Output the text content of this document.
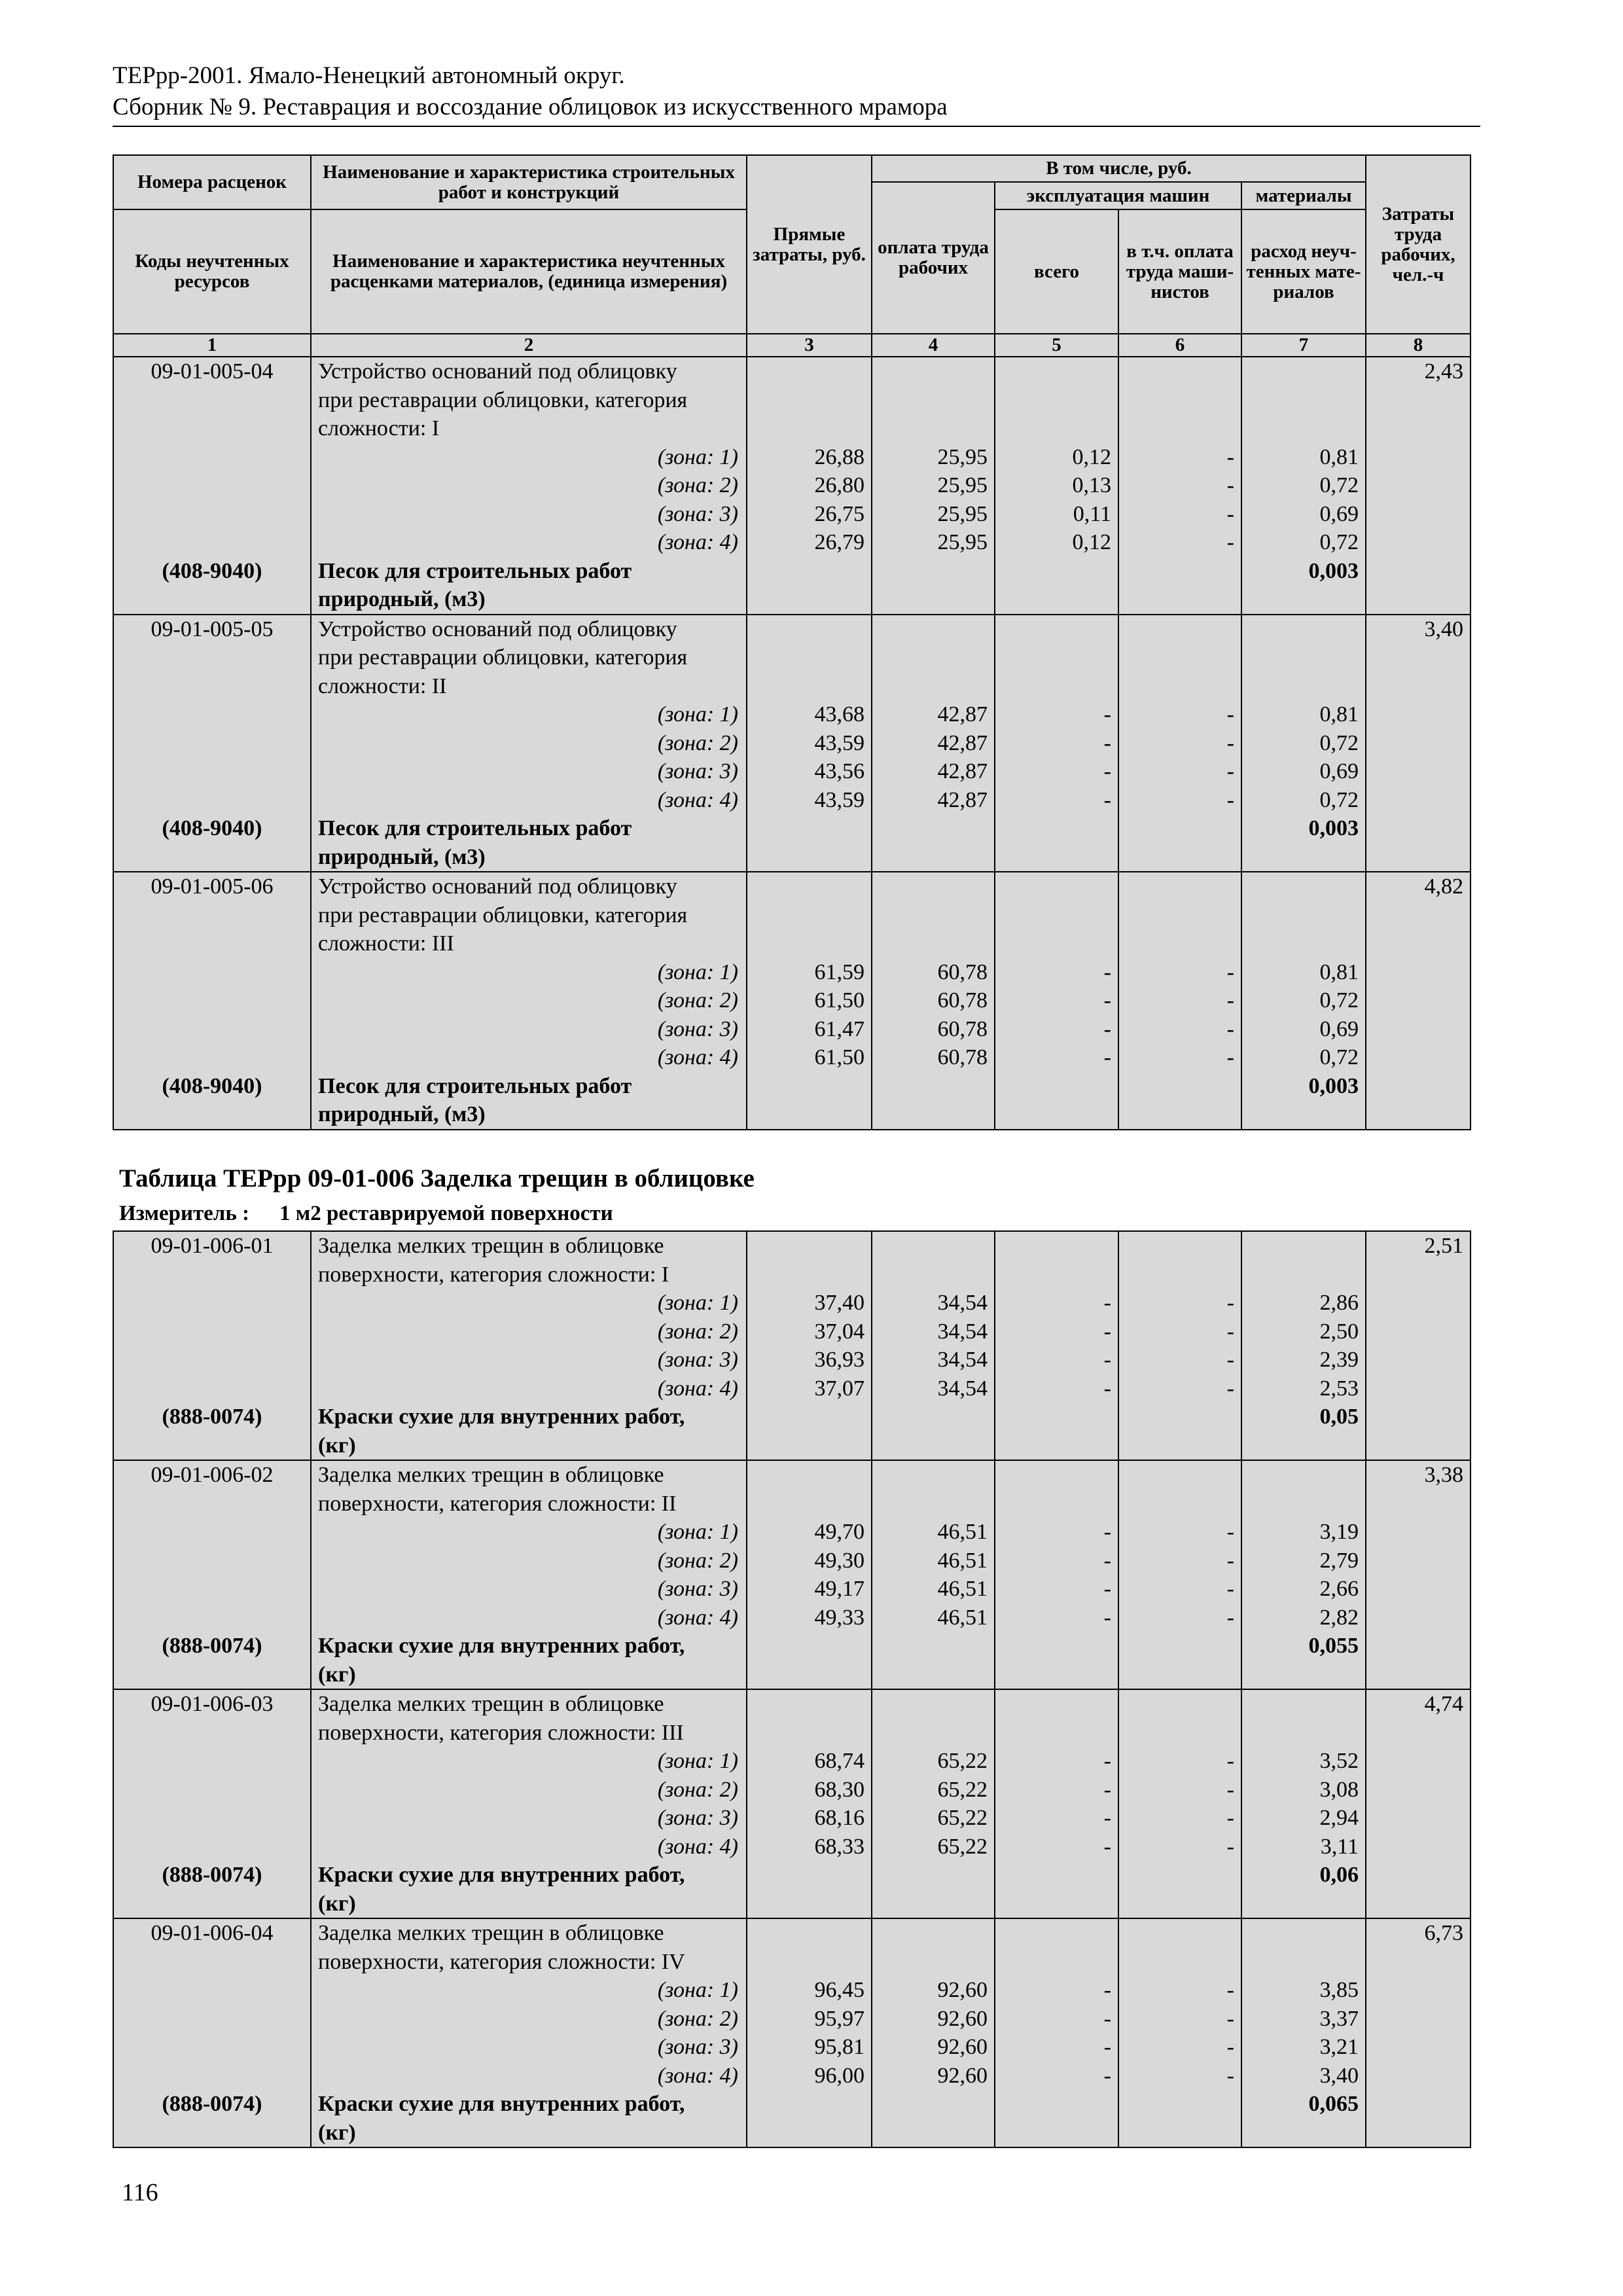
ТЕРрр-2001. Ямало-Ненецкий автономный округ.
Сборник № 9. Реставрация и воссоздание облицовок из искусственного мрамора
Номера расценок	Наименование и характеристика строительных работ и конструкций	Прямые затраты, руб.	В том числе, руб.				Затраты труда рабочих, чел.-ч
			оплата труда рабочих	эксплуатация машин		материалы	
Коды неучтенных ресурсов	Наименование и характеристика неучтенных расценками материалов, (единица измерения)			всего	в т.ч. оплата труда маши- нистов	расход неуч- тенных мате- риалов	

1	2	3	4	5	6	7	8
09-01-005-04	Устройство оснований под облицовку						2,43
	при реставрации облицовки, категория						
	сложности: I						
	(зона: 1)	26,88	25,95	0,12	-	0,81	
	(зона: 2)	26,80	25,95	0,13	-	0,72	
	(зона: 3)	26,75	25,95	0,11	-	0,69	
	(зона: 4)	26,79	25,95	0,12	-	0,72	
(408-9040)	Песок для строительных работ					0,003	
	природный, (м3)						
09-01-005-05	Устройство оснований под облицовку						3,40
	при реставрации облицовки, категория						
	сложности: II						
	(зона: 1)	43,68	42,87	-	-	0,81	
	(зона: 2)	43,59	42,87	-	-	0,72	
	(зона: 3)	43,56	42,87	-	-	0,69	
	(зона: 4)	43,59	42,87	-	-	0,72	
(408-9040)	Песок для строительных работ					0,003	
	природный, (м3)						
09-01-005-06	Устройство оснований под облицовку						4,82
	при реставрации облицовки, категория						
	сложности: III						
	(зона: 1)	61,59	60,78	-	-	0,81	
	(зона: 2)	61,50	60,78	-	-	0,72	
	(зона: 3)	61,47	60,78	-	-	0,69	
	(зона: 4)	61,50	60,78	-	-	0,72	
(408-9040)	Песок для строительных работ					0,003	
	природный, (м3)						
Таблица ТЕРрр 09-01-006 Заделка трещин в облицовке
Измеритель : 1 м2 реставрируемой поверхности
09-01-006-01	Заделка мелких трещин в облицовке						2,51
	поверхности, категория сложности: I						
	(зона: 1)	37,40	34,54	-	-	2,86	
	(зона: 2)	37,04	34,54	-	-	2,50	
	(зона: 3)	36,93	34,54	-	-	2,39	
	(зона: 4)	37,07	34,54	-	-	2,53	
(888-0074)	Краски сухие для внутренних работ,					0,05	
	(кг)						
09-01-006-02	Заделка мелких трещин в облицовке						3,38
	поверхности, категория сложности: II						
	(зона: 1)	49,70	46,51	-	-	3,19	
	(зона: 2)	49,30	46,51	-	-	2,79	
	(зона: 3)	49,17	46,51	-	-	2,66	
	(зона: 4)	49,33	46,51	-	-	2,82	
(888-0074)	Краски сухие для внутренних работ,					0,055	
	(кг)						
09-01-006-03	Заделка мелких трещин в облицовке						4,74
	поверхности, категория сложности: III						
	(зона: 1)	68,74	65,22	-	-	3,52	
	(зона: 2)	68,30	65,22	-	-	3,08	
	(зона: 3)	68,16	65,22	-	-	2,94	
	(зона: 4)	68,33	65,22	-	-	3,11	
(888-0074)	Краски сухие для внутренних работ,					0,06	
	(кг)						
09-01-006-04	Заделка мелких трещин в облицовке						6,73
	поверхности, категория сложности: IV						
	(зона: 1)	96,45	92,60	-	-	3,85	
	(зона: 2)	95,97	92,60	-	-	3,37	
	(зона: 3)	95,81	92,60	-	-	3,21	
	(зона: 4)	96,00	92,60	-	-	3,40	
(888-0074)	Краски сухие для внутренних работ,					0,065	
	(кг)						
116
